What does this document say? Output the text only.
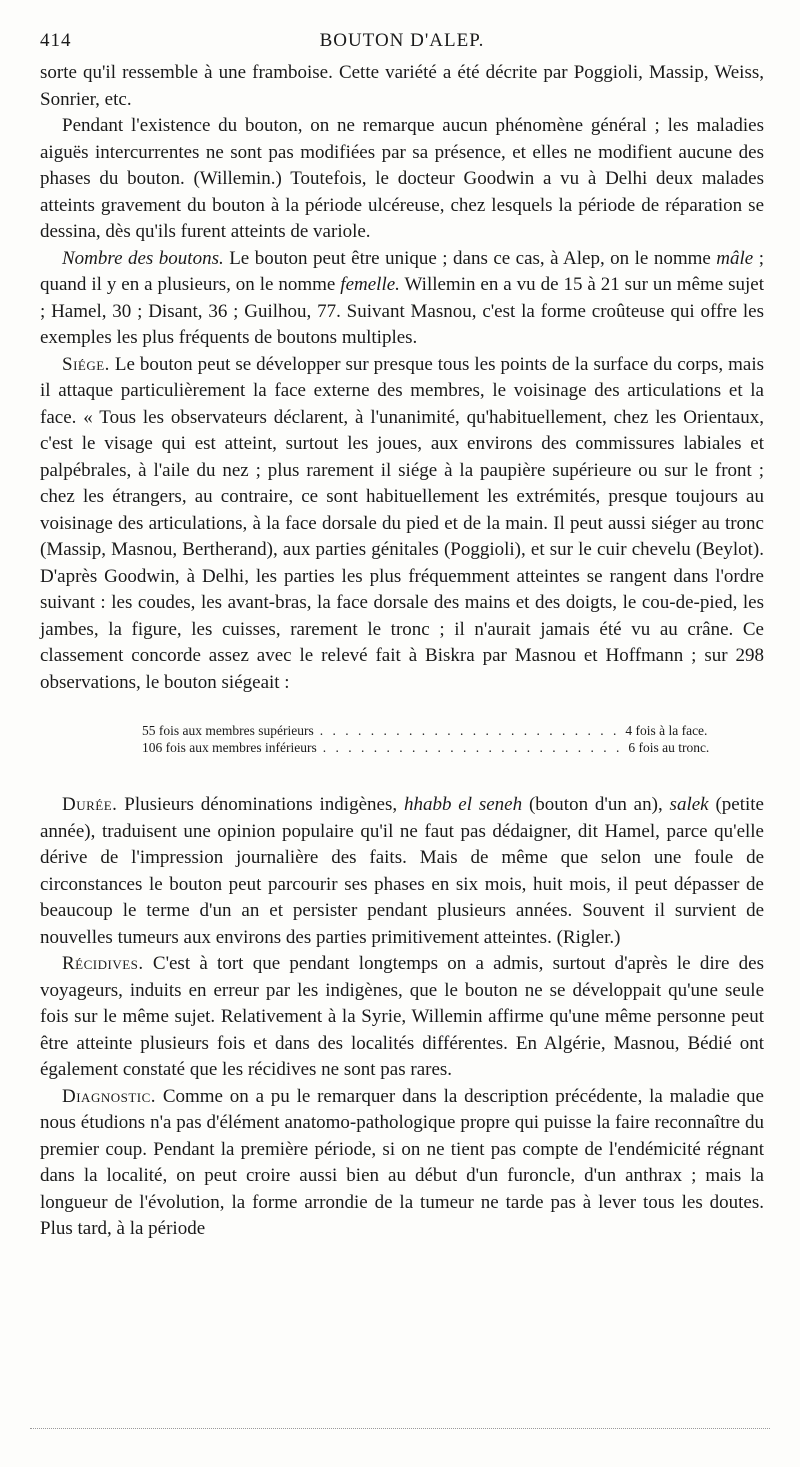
414	BOUTON D'ALEP.

sorte qu'il ressemble à une framboise. Cette variété a été décrite par Poggioli, Massip, Weiss, Sonrier, etc.

Pendant l'existence du bouton, on ne remarque aucun phénomène général ; les maladies aiguës intercurrentes ne sont pas modifiées par sa présence, et elles ne modifient aucune des phases du bouton. (Willemin.) Toutefois, le docteur Goodwin a vu à Delhi deux malades atteints gravement du bouton à la période ulcéreuse, chez lesquels la période de réparation se dessina, dès qu'ils furent atteints de variole.

Nombre des boutons. Le bouton peut être unique ; dans ce cas, à Alep, on le nomme mâle ; quand il y en a plusieurs, on le nomme femelle. Willemin en a vu de 15 à 21 sur un même sujet ; Hamel, 30 ; Disant, 36 ; Guilhou, 77. Suivant Masnou, c'est la forme croûteuse qui offre les exemples les plus fréquents de boutons multiples.

Siége. Le bouton peut se développer sur presque tous les points de la surface du corps, mais il attaque particulièrement la face externe des membres, le voisinage des articulations et la face. « Tous les observateurs déclarent, à l'unanimité, qu'habituellement, chez les Orientaux, c'est le visage qui est atteint, surtout les joues, aux environs des commissures labiales et palpébrales, à l'aile du nez ; plus rarement il siége à la paupière supérieure ou sur le front ; chez les étrangers, au contraire, ce sont habituellement les extrémités, presque toujours au voisinage des articulations, à la face dorsale du pied et de la main. Il peut aussi siéger au tronc (Massip, Masnou, Bertherand), aux parties génitales (Poggioli), et sur le cuir chevelu (Beylot). D'après Goodwin, à Delhi, les parties les plus fréquemment atteintes se rangent dans l'ordre suivant : les coudes, les avant-bras, la face dorsale des mains et des doigts, le cou-de-pied, les jambes, la figure, les cuisses, rarement le tronc ; il n'aurait jamais été vu au crâne. Ce classement concorde assez avec le relevé fait à Biskra par Masnou et Hoffmann ; sur 298 observations, le bouton siégeait :

55 fois aux membres supérieurs . . . . . . . . . . . . . . . . . . . . . . . . 4 fois à la face.
106 fois aux membres inférieurs . . . . . . . . . . . . . . . . . . . . . . . . 6 fois au tronc.

Durée. Plusieurs dénominations indigènes, hhabb el seneh (bouton d'un an), salek (petite année), traduisent une opinion populaire qu'il ne faut pas dédaigner, dit Hamel, parce qu'elle dérive de l'impression journalière des faits. Mais de même que selon une foule de circonstances le bouton peut parcourir ses phases en six mois, huit mois, il peut dépasser de beaucoup le terme d'un an et persister pendant plusieurs années. Souvent il survient de nouvelles tumeurs aux environs des parties primitivement atteintes. (Rigler.)

Récidives. C'est à tort que pendant longtemps on a admis, surtout d'après le dire des voyageurs, induits en erreur par les indigènes, que le bouton ne se développait qu'une seule fois sur le même sujet. Relativement à la Syrie, Willemin affirme qu'une même personne peut être atteinte plusieurs fois et dans des localités différentes. En Algérie, Masnou, Bédié ont également constaté que les récidives ne sont pas rares.

Diagnostic. Comme on a pu le remarquer dans la description précédente, la maladie que nous étudions n'a pas d'élément anatomo-pathologique propre qui puisse la faire reconnaître du premier coup. Pendant la première période, si on ne tient pas compte de l'endémicité régnant dans la localité, on peut croire aussi bien au début d'un furoncle, d'un anthrax ; mais la longueur de l'évolution, la forme arrondie de la tumeur ne tarde pas à lever tous les doutes. Plus tard, à la période
